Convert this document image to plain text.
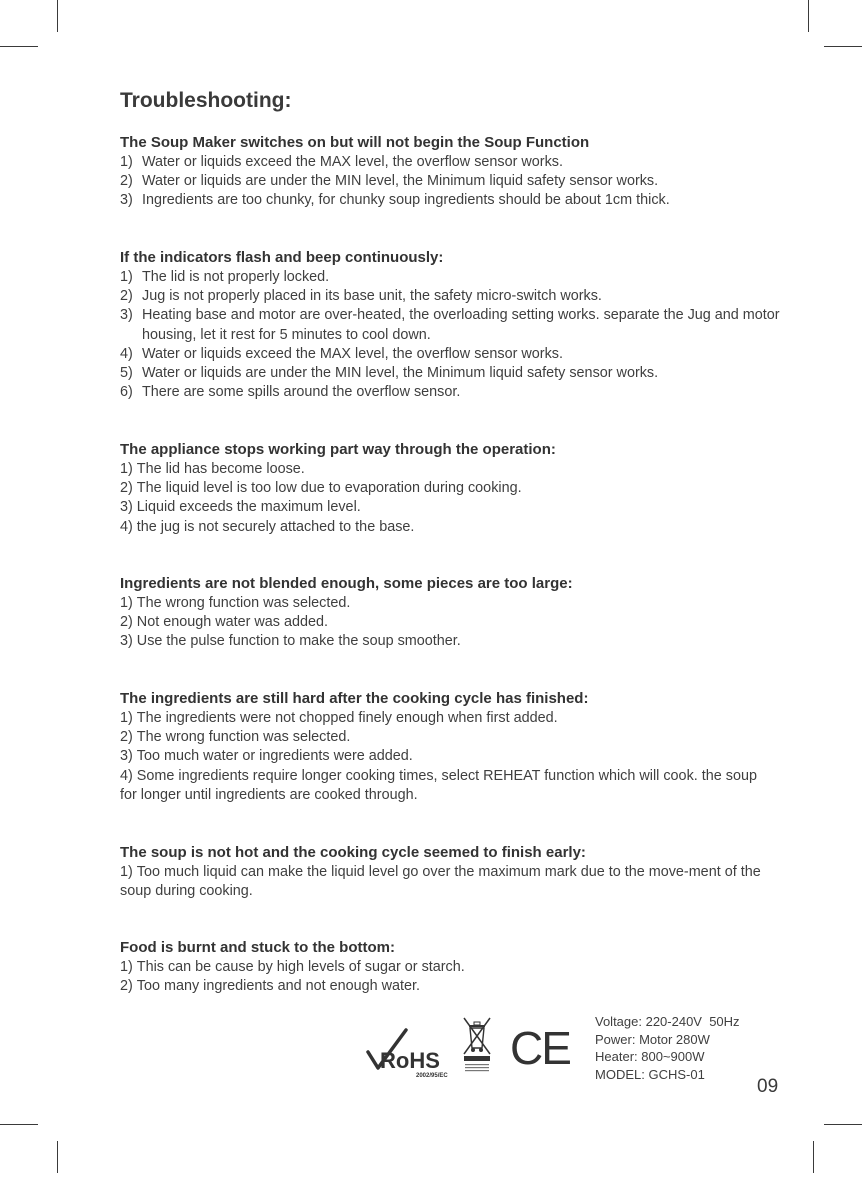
Troubleshooting:
The Soup Maker switches on but will not begin the Soup Function
1) Water or liquids exceed the MAX level, the overflow sensor works.
2) Water or liquids are under the MIN level, the Minimum liquid safety sensor works.
3) Ingredients are too chunky, for chunky soup ingredients should be about 1cm thick.
If the indicators flash and beep continuously:
1) The lid is not properly locked.
2) Jug is not properly placed in its base unit, the safety micro-switch works.
3) Heating base and motor are over-heated, the overloading setting works. separate the Jug and motor housing, let it rest for 5 minutes to cool down.
4) Water or liquids exceed the MAX level, the overflow sensor works.
5) Water or liquids are under the MIN level, the Minimum liquid safety sensor works.
6) There are some spills around the overflow sensor.
The appliance stops working part way through the operation:
1) The lid has become loose.
2) The liquid level is too low due to evaporation during cooking.
3) Liquid exceeds the maximum level.
4) the jug is not securely attached to the base.
Ingredients are not blended enough, some pieces are too large:
1) The wrong function was selected.
2) Not enough water was added.
3) Use the pulse function to make the soup smoother.
The ingredients are still hard after the cooking cycle has finished:
1) The ingredients were not chopped finely enough when first added.
2) The wrong function was selected.
3) Too much water or ingredients were added.
4) Some ingredients require longer cooking times, select REHEAT function which will cook. the soup for longer until ingredients are cooked through.
The soup is not hot and the cooking cycle seemed to finish early:
1) Too much liquid can make the liquid level go over the maximum mark due to the move-ment of the soup during cooking.
Food is burnt and stuck to the bottom:
1) This can be cause by high levels of sugar or starch.
2) Too many ingredients and not enough water.
RoHS
2002/95/EC
CE
Voltage: 220-240V  50Hz
Power: Motor 280W
Heater: 800~900W
MODEL: GCHS-01
09
